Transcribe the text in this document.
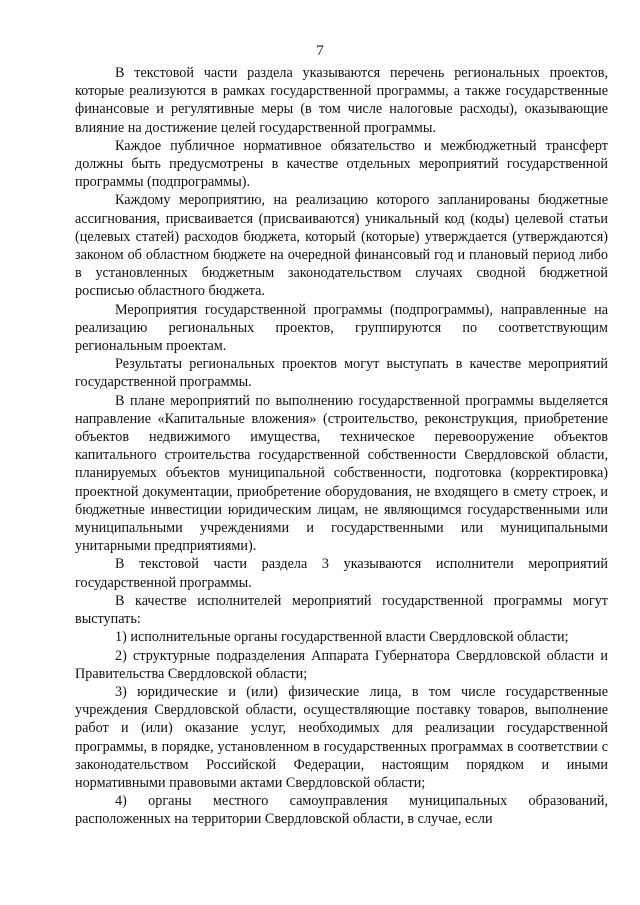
7

В текстовой части раздела указываются перечень региональных проектов, которые реализуются в рамках государственной программы, а также государственные финансовые и регулятивные меры (в том числе налоговые расходы), оказывающие влияние на достижение целей государственной программы.

Каждое публичное нормативное обязательство и межбюджетный трансферт должны быть предусмотрены в качестве отдельных мероприятий государственной программы (подпрограммы).

Каждому мероприятию, на реализацию которого запланированы бюджетные ассигнования, присваивается (присваиваются) уникальный код (коды) целевой статьи (целевых статей) расходов бюджета, который (которые) утверждается (утверждаются) законом об областном бюджете на очередной финансовый год и плановый период либо в установленных бюджетным законодательством случаях сводной бюджетной росписью областного бюджета.

Мероприятия государственной программы (подпрограммы), направленные на реализацию региональных проектов, группируются по соответствующим региональным проектам.

Результаты региональных проектов могут выступать в качестве мероприятий государственной программы.

В плане мероприятий по выполнению государственной программы выделяется направление «Капитальные вложения» (строительство, реконструкция, приобретение объектов недвижимого имущества, техническое перевооружение объектов капитального строительства государственной собственности Свердловской области, планируемых объектов муниципальной собственности, подготовка (корректировка) проектной документации, приобретение оборудования, не входящего в смету строек, и бюджетные инвестиции юридическим лицам, не являющимся государственными или муниципальными учреждениями и государственными или муниципальными унитарными предприятиями).

В текстовой части раздела 3 указываются исполнители мероприятий государственной программы.

В качестве исполнителей мероприятий государственной программы могут выступать:

1) исполнительные органы государственной власти Свердловской области;

2) структурные подразделения Аппарата Губернатора Свердловской области и Правительства Свердловской области;

3) юридические и (или) физические лица, в том числе государственные учреждения Свердловской области, осуществляющие поставку товаров, выполнение работ и (или) оказание услуг, необходимых для реализации государственной программы, в порядке, установленном в государственных программах в соответствии с законодательством Российской Федерации, настоящим порядком и иными нормативными правовыми актами Свердловской области;

4) органы местного самоуправления муниципальных образований, расположенных на территории Свердловской области, в случае, если
